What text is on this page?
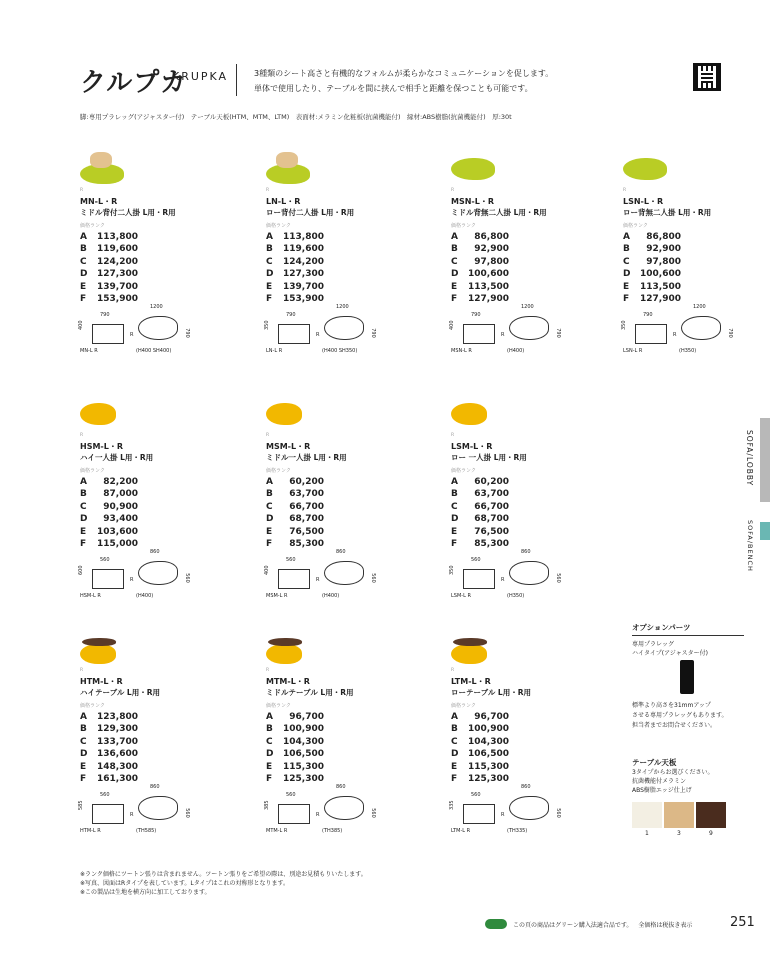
クルプカ
KRUPKA	3種類のシート高さと有機的なフォルムが柔らかなコミュニケーションを促します。
単体で使用したり、テーブルを間に挟んで相手と距離を保つことも可能です。
脚:専用プラレッグ(アジャスター付)　テーブル天板(HTM、MTM、LTM)　表面材:メラミン化粧板(抗菌機能付)　縁材:ABS樹脂(抗菌機能付)　厚:30t
R
MN-L・R
ミドル背付二人掛 L用・R用
価格ランク
A	113,800
B	119,600
C	124,200
D	127,300
E	139,700
F	153,900
790
1200
400
790
R
MN-L R	(H400 SH400)
R
LN-L・R
ロー背付二人掛 L用・R用
価格ランク
A	113,800
B	119,600
C	124,200
D	127,300
E	139,700
F	153,900
790
1200
350
790
R
LN-L R	(H400 SH350)
R
MSN-L・R
ミドル背無二人掛 L用・R用
価格ランク
A	86,800
B	92,900
C	97,800
D	100,600
E	113,500
F	127,900
790
1200
400
790
R
MSN-L R	(H400)
R
LSN-L・R
ロー背無二人掛 L用・R用
価格ランク
A	86,800
B	92,900
C	97,800
D	100,600
E	113,500
F	127,900
790
1200
350
790
R
LSN-L R	(H350)
R
HSM-L・R
ハイ一人掛 L用・R用
価格ランク
A	82,200
B	87,000
C	90,900
D	93,400
E	103,600
F	115,000
560
860
600
560
R
HSM-L R	(H400)
R
MSM-L・R
ミドル一人掛 L用・R用
価格ランク
A	60,200
B	63,700
C	66,700
D	68,700
E	76,500
F	85,300
560
860
400
560
R
MSM-L R	(H400)
R
LSM-L・R
ロー 一人掛 L用・R用
価格ランク
A	60,200
B	63,700
C	66,700
D	68,700
E	76,500
F	85,300
560
860
350
560
R
LSM-L R	(H350)
R
HTM-L・R
ハイテーブル L用・R用
価格ランク
A	123,800
B	129,300
C	133,700
D	136,600
E	148,300
F	161,300
560
860
585
560
R
HTM-L R	(TH585)
R
MTM-L・R
ミドルテーブル L用・R用
価格ランク
A	96,700
B	100,900
C	104,300
D	106,500
E	115,300
F	125,300
560
860
385
560
R
MTM-L R	(TH385)
R
LTM-L・R
ローテーブル L用・R用
価格ランク
A	96,700
B	100,900
C	104,300
D	106,500
E	115,300
F	125,300
560
860
335
560
R
LTM-L R	(TH335)
SOFA/LOBBY
SOFA/BENCH
オプションパーツ
専用プラレッグ
ハイタイプ(アジャスター付)
標準より高さを31mmアップ
させる専用プラレッグもあります。
担当者までお問合せください。
テーブル天板
3タイプからお選びください。
抗菌機能付メラミン
ABS樹脂エッジ仕上げ
1	3	9
※ランク価格にツートン張りは含まれません。ツートン張りをご希望の際は、別途お見積もりいたします。
※写真、図面はRタイプを表しています。Lタイプはこれの対称形となります。
※この製品は生地を横方向に加工しております。
この頁の商品はグリーン購入法適合品です。 全価格は税抜き表示	251
